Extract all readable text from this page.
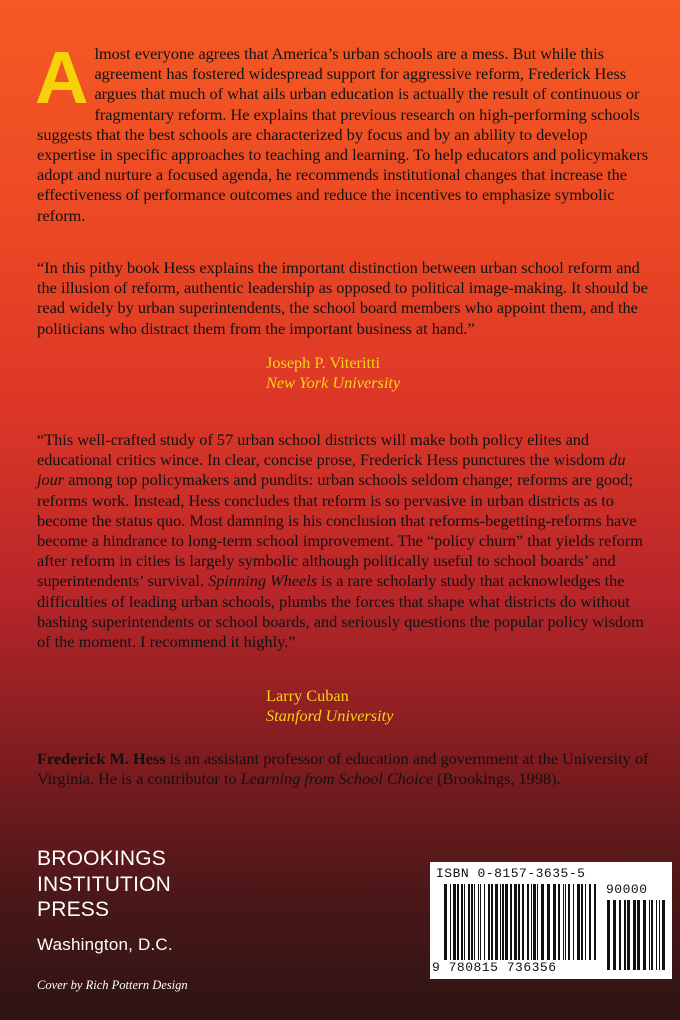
Almost everyone agrees that America’s urban schools are a mess. But while this agreement has fostered widespread support for aggressive reform, Frederick Hess argues that much of what ails urban education is actually the result of continuous or fragmentary reform. He explains that previous research on high-performing schools suggests that the best schools are characterized by focus and by an ability to develop expertise in specific approaches to teaching and learning. To help educators and policymakers adopt and nurture a focused agenda, he recommends institutional changes that increase the effectiveness of performance outcomes and reduce the incentives to emphasize symbolic reform.

“In this pithy book Hess explains the important distinction between urban school reform and the illusion of reform, authentic leadership as opposed to political image-making. It should be read widely by urban superintendents, the school board members who appoint them, and the politicians who distract them from the important business at hand.”

Joseph P. Viteritti
New York University

“This well-crafted study of 57 urban school districts will make both policy elites and educational critics wince. In clear, concise prose, Frederick Hess punctures the wisdom du jour among top policymakers and pundits: urban schools seldom change; reforms are good; reforms work. Instead, Hess concludes that reform is so pervasive in urban districts as to become the status quo. Most damning is his conclusion that reforms-begetting-reforms have become a hindrance to long-term school improvement. The “policy churn” that yields reform after reform in cities is largely symbolic although politically useful to school boards’ and superintendents’ survival. Spinning Wheels is a rare scholarly study that acknowledges the difficulties of leading urban schools, plumbs the forces that shape what districts do without bashing superintendents or school boards, and seriously questions the popular policy wisdom of the moment. I recommend it highly.”

Larry Cuban
Stanford University

Frederick M. Hess is an assistant professor of education and government at the University of Virginia. He is a contributor to Learning from School Choice (Brookings, 1998).

BROOKINGS
INSTITUTION
PRESS
Washington, D.C.
Cover by Rich Pottern Design
ISBN 0-8157-3635-5
90000
9 780815 736356
